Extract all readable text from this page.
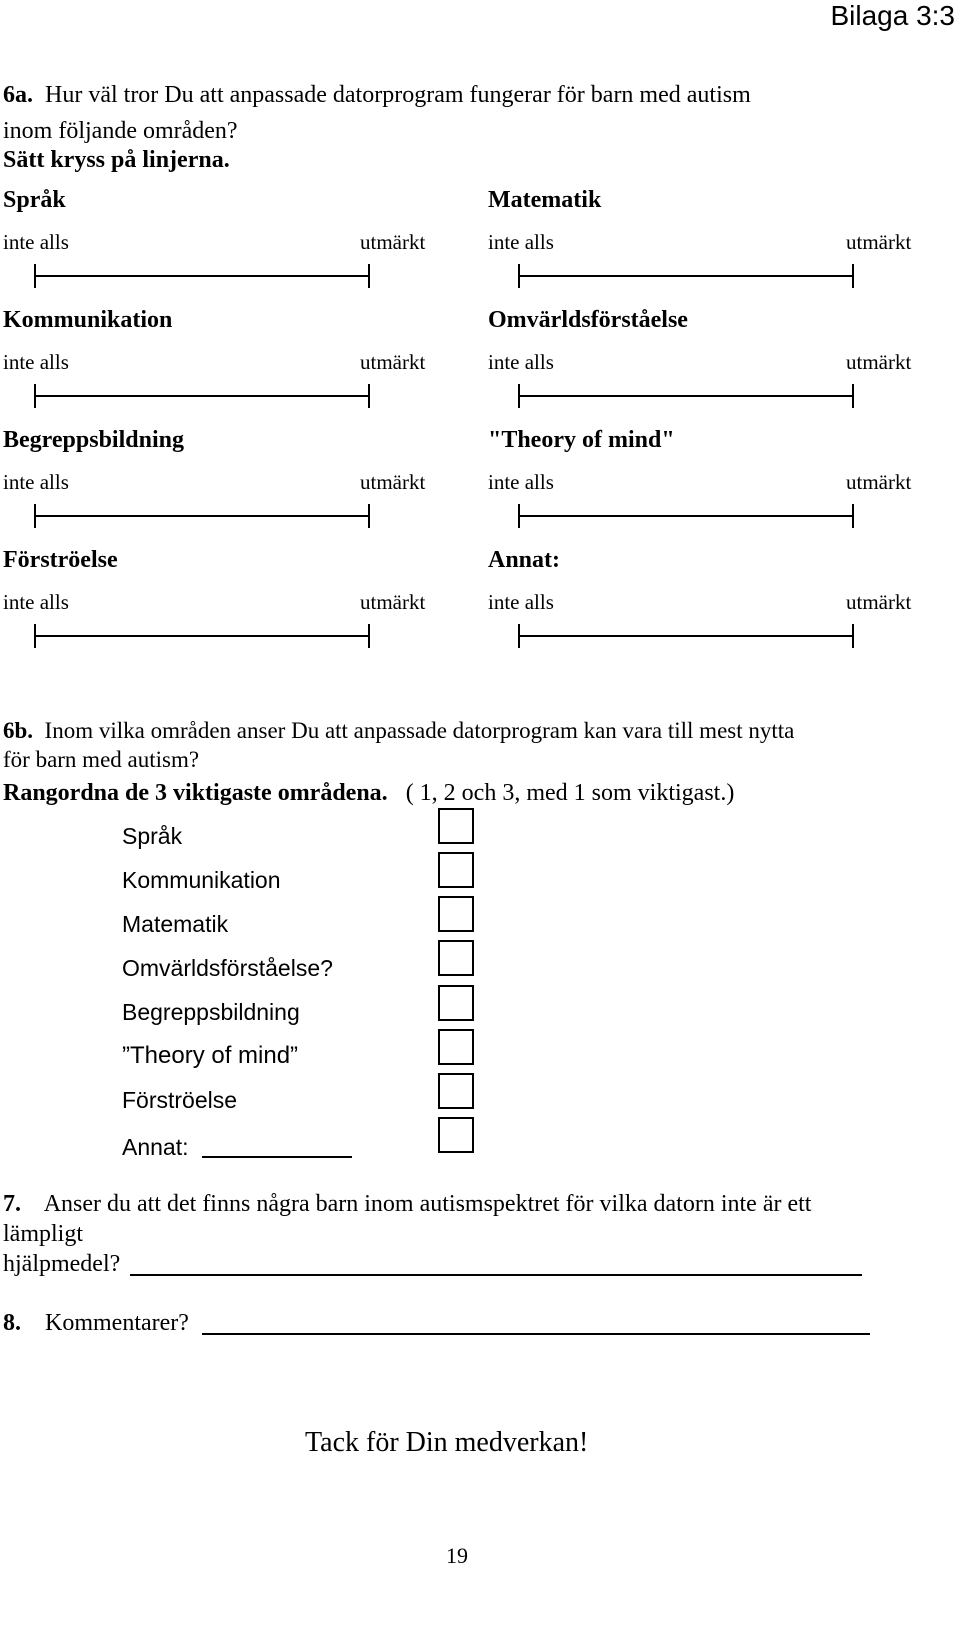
Bilaga 3:3
6a. Hur väl tror Du att anpassade datorprogram fungerar för barn med autism
inom följande områden?
Sätt kryss på linjerna.
Språk
inte alls	utmärkt
Matematik
inte alls	utmärkt
Kommunikation
inte alls	utmärkt
Omvärldsförståelse
inte alls	utmärkt
Begreppsbildning
inte alls	utmärkt
"Theory of mind"
inte alls	utmärkt
Förströelse
inte alls	utmärkt
Annat:
inte alls	utmärkt
6b. Inom vilka områden anser Du att anpassade datorprogram kan vara till mest nytta
för barn med autism?
Rangordna de 3 viktigaste områdena. ( 1, 2 och 3, med 1 som viktigast.)
Språk
Kommunikation
Matematik
Omvärldsförståelse?
Begreppsbildning
”Theory of mind”
Förströelse
Annat:
7. Anser du att det finns några barn inom autismspektret för vilka datorn inte är ett
lämpligt
hjälpmedel?
8. Kommentarer?
Tack för Din medverkan!
19
